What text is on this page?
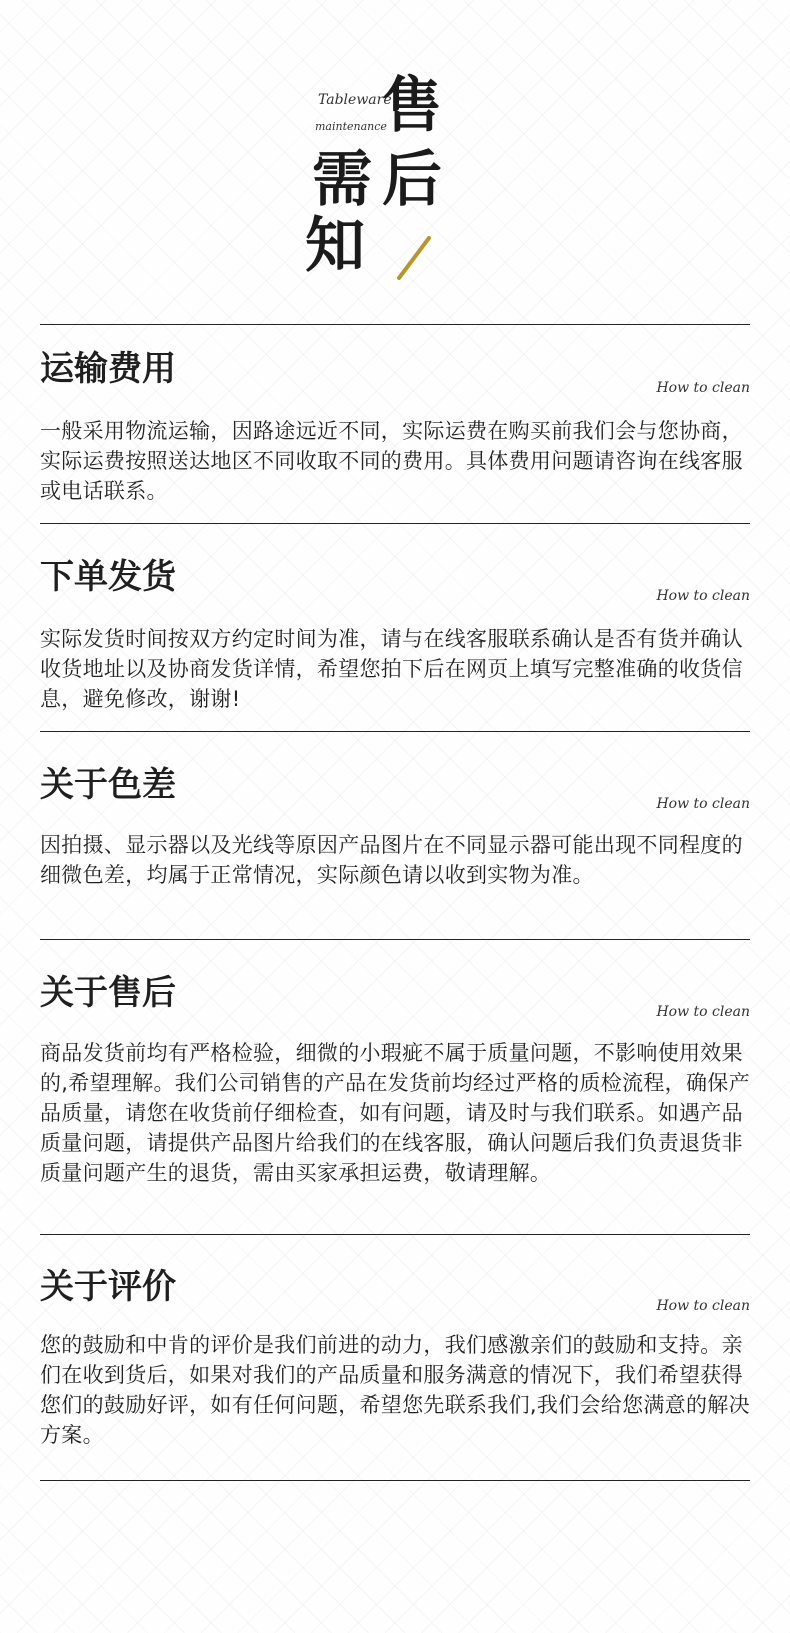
Tableware
maintenance
售
需 后
知
运输费用	How to clean

一般采用物流运输，因路途远近不同，实际运费在购买前我们会与您协商，实际运费按照送达地区不同收取不同的费用。具体费用问题请咨询在线客服或电话联系。

下单发货	How to clean

实际发货时间按双方约定时间为准，请与在线客服联系确认是否有货并确认收货地址以及协商发货详情，希望您拍下后在网页上填写完整准确的收货信息，避免修改，谢谢!

关于色差	How to clean

因拍摄、显示器以及光线等原因产品图片在不同显示器可能出现不同程度的细微色差，均属于正常情况，实际颜色请以收到实物为准。

关于售后	How to clean

商品发货前均有严格检验，细微的小瑕疵不属于质量问题，不影响使用效果的,希望理解。我们公司销售的产品在发货前均经过严格的质检流程，确保产品质量，请您在收货前仔细检查，如有问题，请及时与我们联系。如遇产品质量问题，请提供产品图片给我们的在线客服，确认问题后我们负责退货非质量问题产生的退货，需由买家承担运费，敬请理解。

关于评价	How to clean

您的鼓励和中肯的评价是我们前进的动力，我们感激亲们的鼓励和支持。亲们在收到货后，如果对我们的产品质量和服务满意的情况下，我们希望获得您们的鼓励好评，如有任何问题，希望您先联系我们,我们会给您满意的解决方案。
